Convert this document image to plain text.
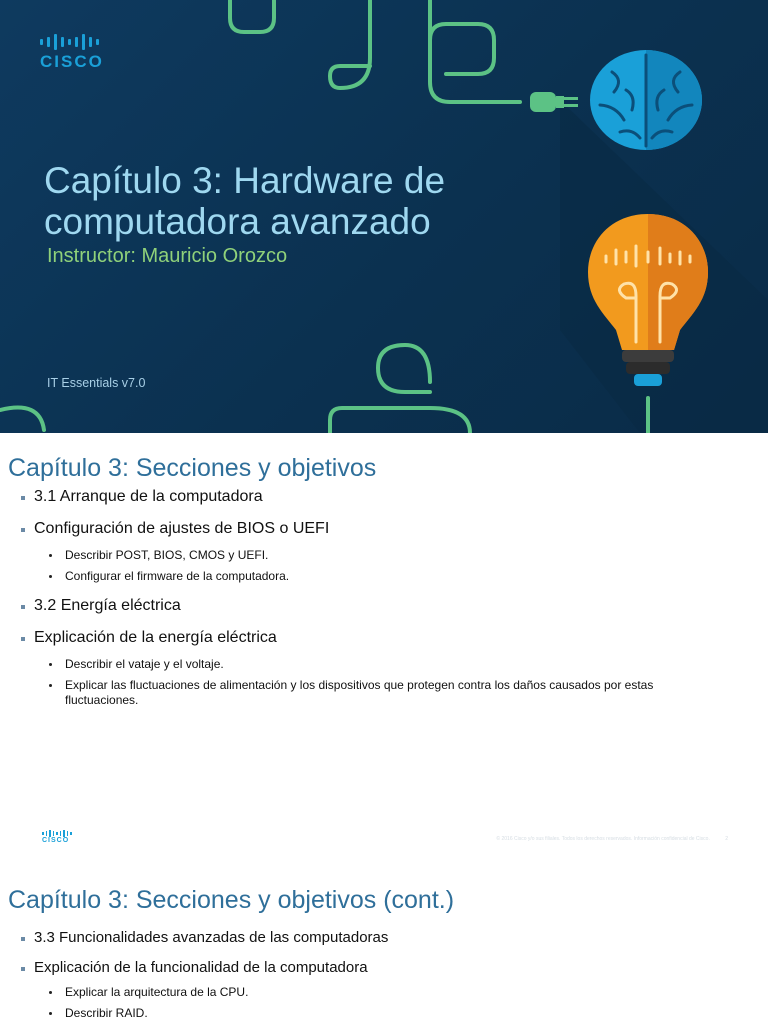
CISCO
Capítulo 3: Hardware de computadora avanzado
Instructor: Mauricio Orozco
IT Essentials v7.0
Capítulo 3: Secciones y objetivos
3.1 Arranque de la computadora
Configuración de ajustes de BIOS o UEFI
Describir POST, BIOS, CMOS y UEFI.
Configurar el firmware de la computadora.
3.2 Energía eléctrica
Explicación de la energía eléctrica
Describir el vataje y el voltaje.
Explicar las fluctuaciones de alimentación y los dispositivos que protegen contra los daños causados por estas fluctuaciones.
CISCO	© 2016 Cisco y/o sus filiales. Todos los derechos reservados. Información confidencial de Cisco.	2
Capítulo 3: Secciones y objetivos (cont.)
3.3 Funcionalidades avanzadas de las computadoras
Explicación de la funcionalidad de la computadora
Explicar la arquitectura de la CPU.
Describir RAID.
